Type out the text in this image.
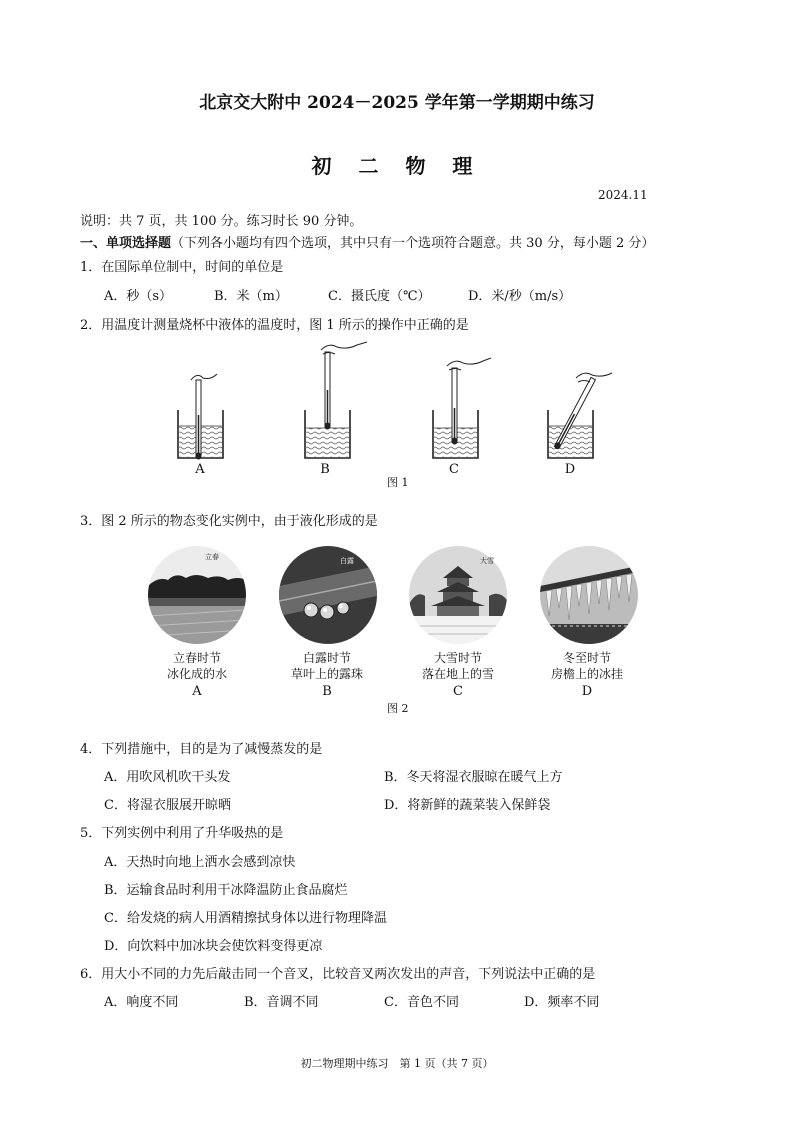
北京交大附中 2024－2025 学年第一学期期中练习
初 二 物 理
2024.11
说明：共 7 页，共 100 分。练习时长 90 分钟。
一、单项选择题（下列各小题均有四个选项，其中只有一个选项符合题意。共 30 分，每小题 2 分）
1．在国际单位制中，时间的单位是
A．秒（s）	B．米（m）	C．摄氏度（℃）	D．米/秒（m/s）
2．用温度计测量烧杯中液体的温度时，图 1 所示的操作中正确的是
A	B	C	D
图 1
3．图 2 所示的物态变化实例中，由于液化形成的是
立春	白露	大雪
立春时节
冰化成的水
A
白露时节
草叶上的露珠
B
大雪时节
落在地上的雪
C
冬至时节
房檐上的冰挂
D
图 2
4．下列措施中，目的是为了减慢蒸发的是
A．用吹风机吹干头发	B．冬天将湿衣服晾在暖气上方
C．将湿衣服展开晾晒	D．将新鲜的蔬菜装入保鲜袋
5．下列实例中利用了升华吸热的是
A．天热时向地上洒水会感到凉快
B．运输食品时利用干冰降温防止食品腐烂
C．给发烧的病人用酒精擦拭身体以进行物理降温
D．向饮料中加冰块会使饮料变得更凉
6．用大小不同的力先后敲击同一个音叉，比较音叉两次发出的声音，下列说法中正确的是
A．响度不同	B．音调不同	C．音色不同	D．频率不同
初二物理期中练习　第 1 页（共 7 页）
